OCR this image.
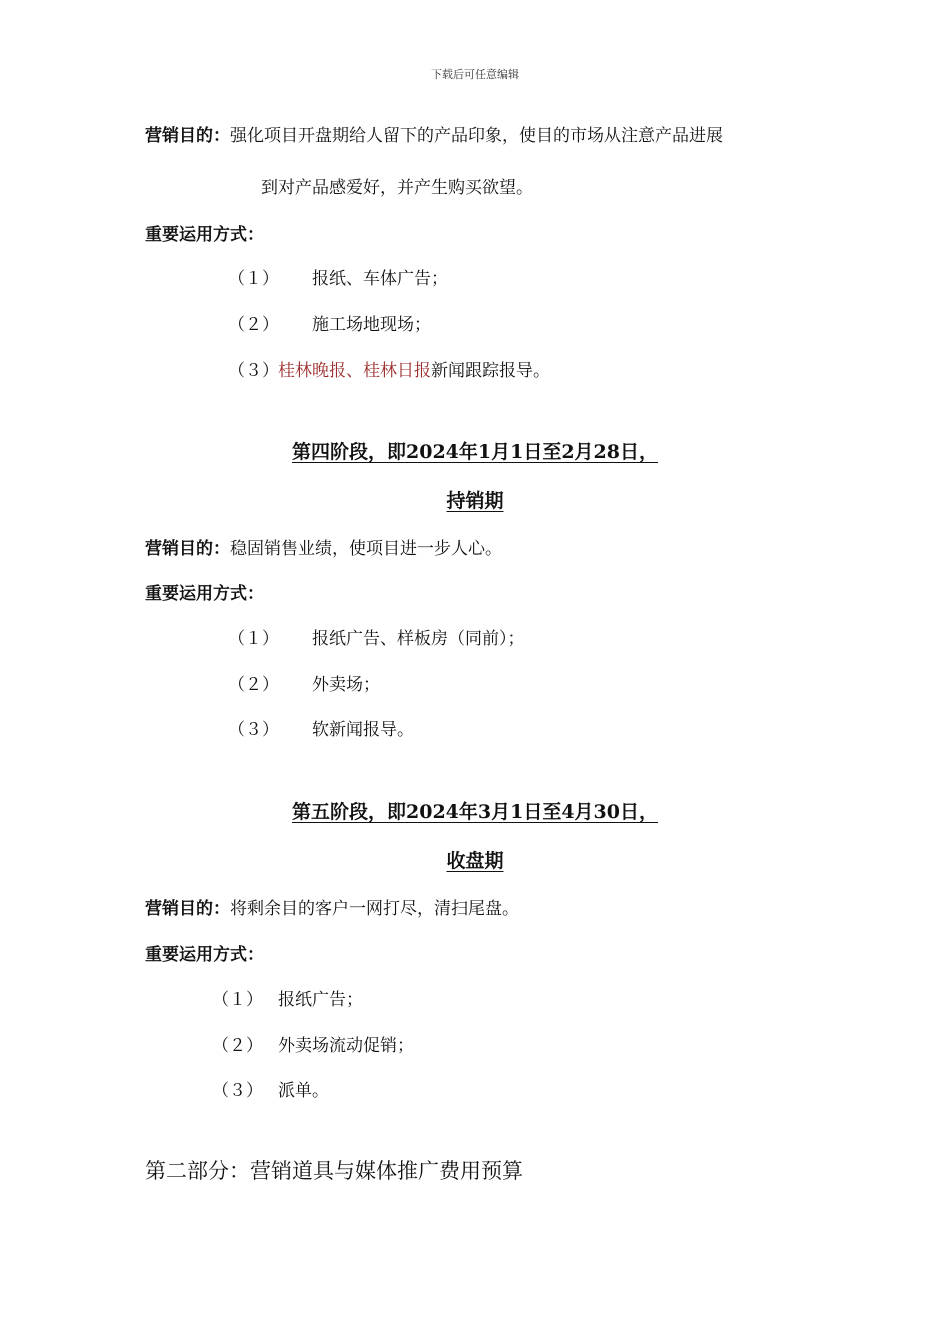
下载后可任意编辑
营销目的：强化项目开盘期给人留下的产品印象，使目的市场从注意产品进展
到对产品感爱好，并产生购买欲望。
重要运用方式：
（１） 报纸、车体广告；
（２） 施工场地现场；
（３）桂林晚报、桂林日报新闻跟踪报导。
第四阶段，即2024年1月1日至2月28日，
持销期
营销目的：稳固销售业绩，使项目进一步人心。
重要运用方式：
（１） 报纸广告、样板房（同前）；
（２） 外卖场；
（３） 软新闻报导。
第五阶段，即2024年3月1日至4月30日，
收盘期
营销目的：将剩余目的客户一网打尽，清扫尾盘。
重要运用方式：
（１） 报纸广告；
（２） 外卖场流动促销；
（３） 派单。
第二部分：营销道具与媒体推广费用预算
